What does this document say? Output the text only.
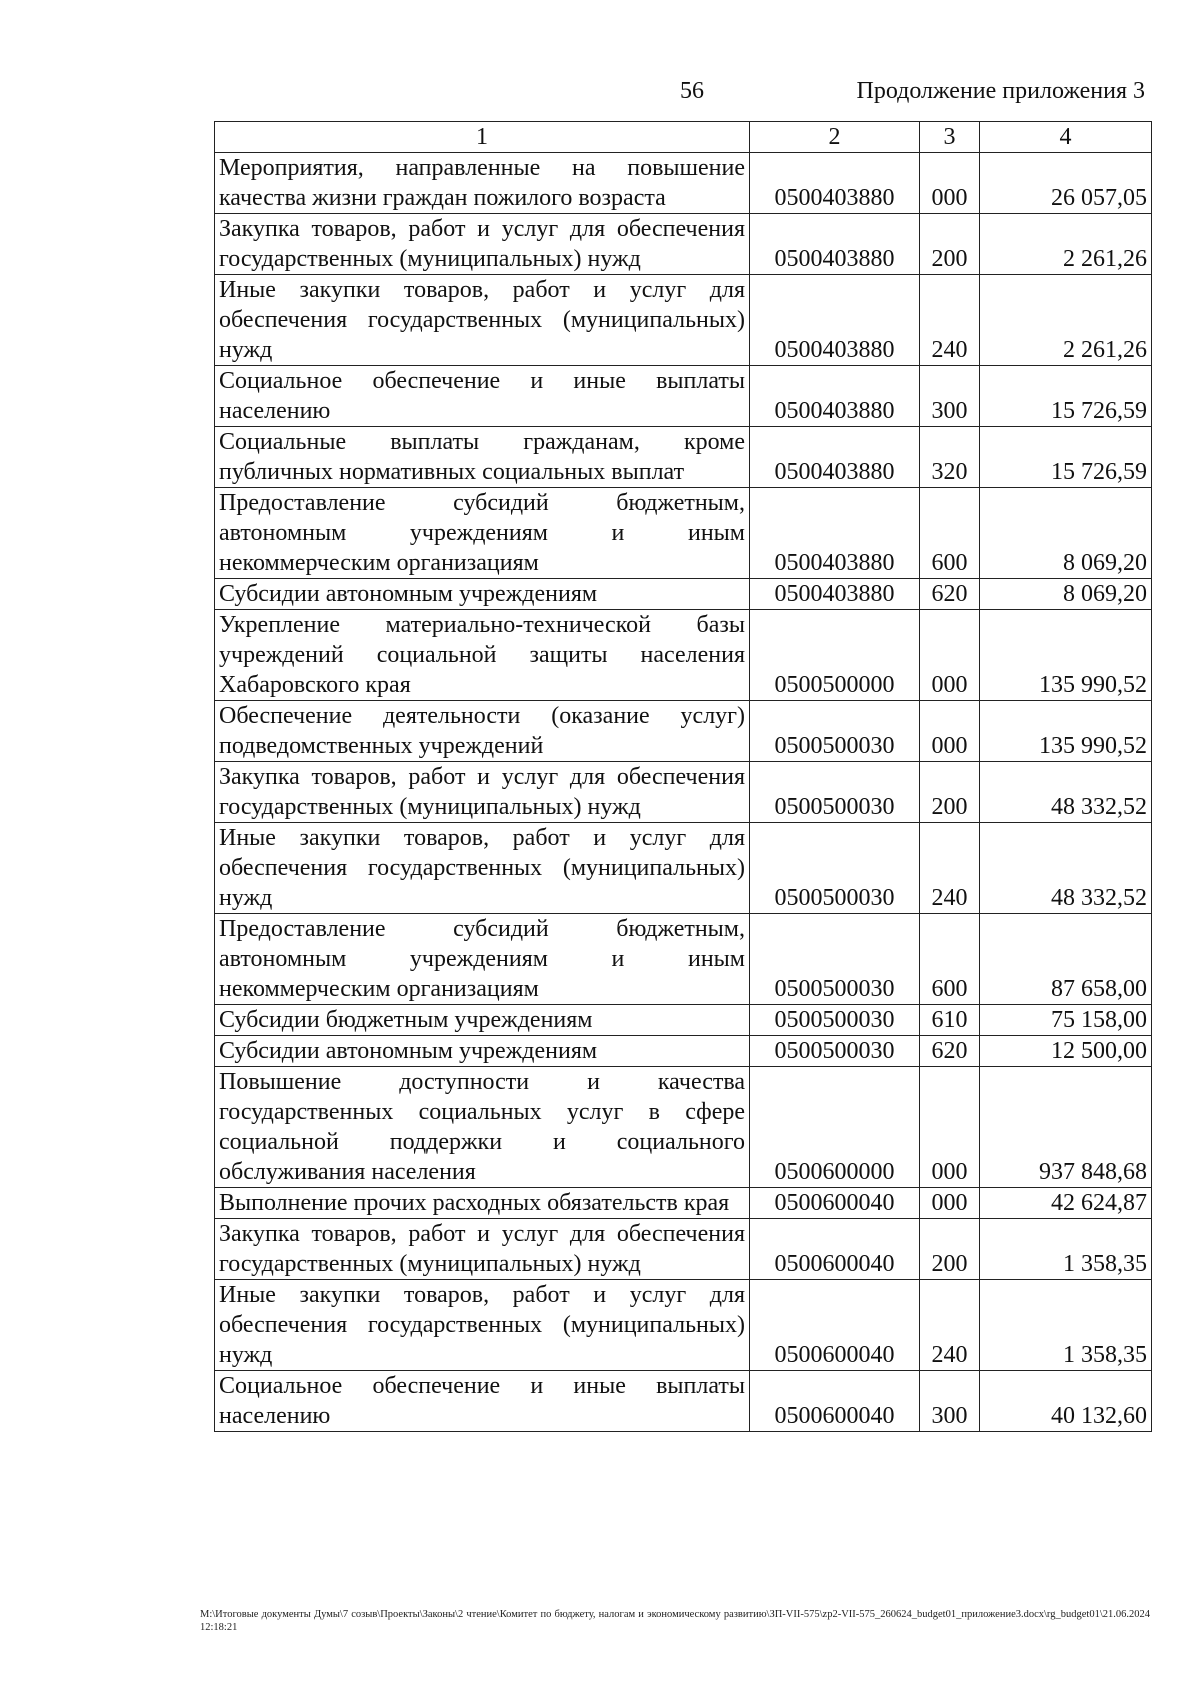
56	Продолжение приложения 3
1	2	3	4
Мероприятия, направленные на повышение качества жизни граждан пожилого возраста	0500403880	000	26 057,05
Закупка товаров, работ и услуг для обеспечения государственных (муниципальных) нужд	0500403880	200	2 261,26
Иные закупки товаров, работ и услуг для обеспечения государственных (муниципальных) нужд	0500403880	240	2 261,26
Социальное обеспечение и иные выплаты населению	0500403880	300	15 726,59
Социальные выплаты гражданам, кроме публичных нормативных социальных выплат	0500403880	320	15 726,59
Предоставление субсидий бюджетным, автономным учреждениям и иным некоммерческим организациям	0500403880	600	8 069,20
Субсидии автономным учреждениям	0500403880	620	8 069,20
Укрепление материально-технической базы учреждений социальной защиты населения Хабаровского края	0500500000	000	135 990,52
Обеспечение деятельности (оказание услуг) подведомственных учреждений	0500500030	000	135 990,52
Закупка товаров, работ и услуг для обеспечения государственных (муниципальных) нужд	0500500030	200	48 332,52
Иные закупки товаров, работ и услуг для обеспечения государственных (муниципальных) нужд	0500500030	240	48 332,52
Предоставление субсидий бюджетным, автономным учреждениям и иным некоммерческим организациям	0500500030	600	87 658,00
Субсидии бюджетным учреждениям	0500500030	610	75 158,00
Субсидии автономным учреждениям	0500500030	620	12 500,00
Повышение доступности и качества государственных социальных услуг в сфере социальной поддержки и социального обслуживания населения	0500600000	000	937 848,68
Выполнение прочих расходных обязательств края	0500600040	000	42 624,87
Закупка товаров, работ и услуг для обеспечения государственных (муниципальных) нужд	0500600040	200	1 358,35
Иные закупки товаров, работ и услуг для обеспечения государственных (муниципальных) нужд	0500600040	240	1 358,35
Социальное обеспечение и иные выплаты населению	0500600040	300	40 132,60
M:\Итоговые документы Думы\7 созыв\Проекты\Законы\2 чтение\Комитет по бюджету, налогам и экономическому развитию\ЗП-VII-575\zp2-VII-575_260624_budget01_приложение3.docx\rg_budget01\21.06.2024 12:18:21
